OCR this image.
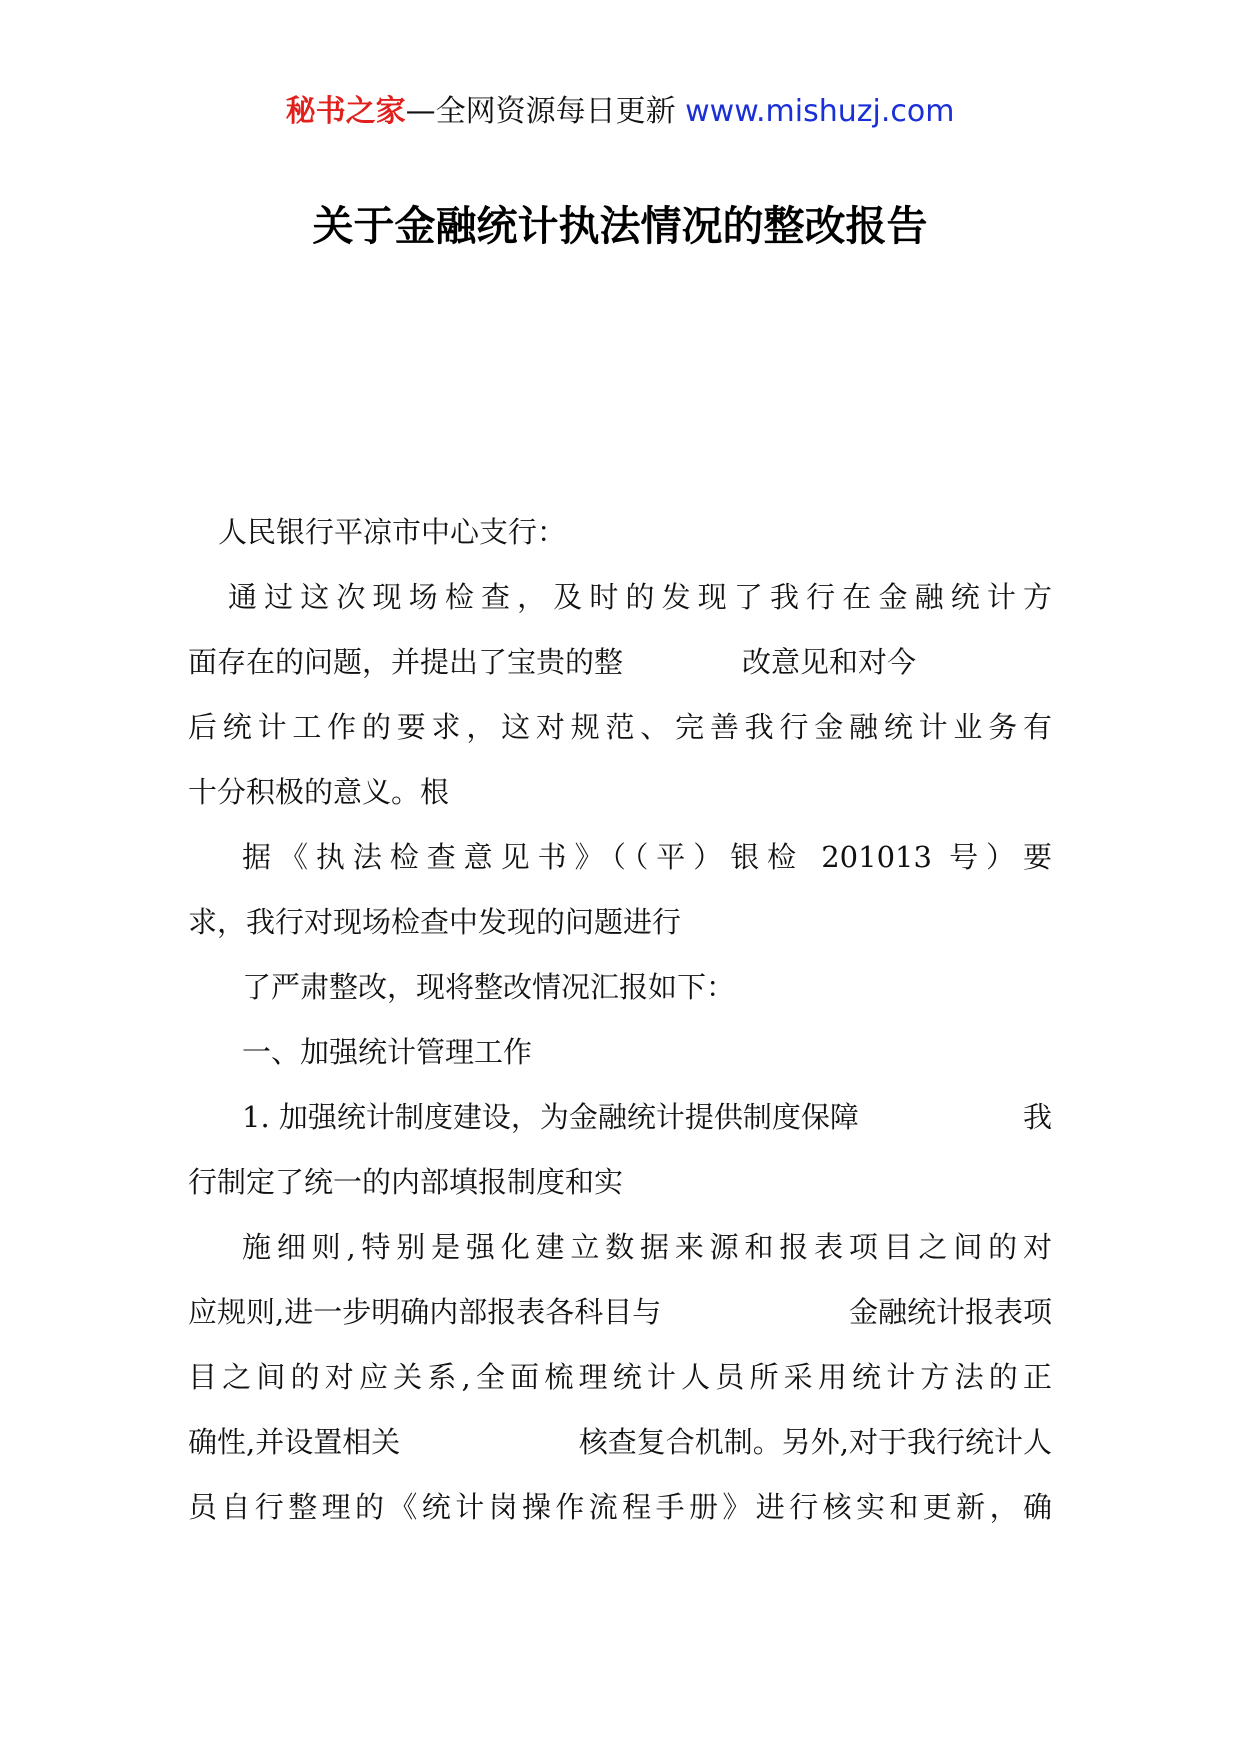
秘书之家—全网资源每日更新 www.mishuzj.com
关于金融统计执法情况的整改报告
人民银行平凉市中心支行：
通过这次现场检查，及时的发现了我行在金融统计方
面存在的问题，并提出了宝贵的整	改意见和对今
后统计工作的要求，这对规范、完善我行金融统计业务有
十分积极的意义。根
据《执法检查意见书》（（平）银检 201013 号）要
求，我行对现场检查中发现的问题进行
了严肃整改，现将整改情况汇报如下：
一、加强统计管理工作
1. 加强统计制度建设，为金融统计提供制度保障	我
行制定了统一的内部填报制度和实
施细则,特别是强化建立数据来源和报表项目之间的对
应规则,进一步明确内部报表各科目与	金融统计报表项
目之间的对应关系,全面梳理统计人员所采用统计方法的正
确性,并设置相关	核查复合机制。另外,对于我行统计人
员自行整理的《统计岗操作流程手册》进行核实和更新，确
